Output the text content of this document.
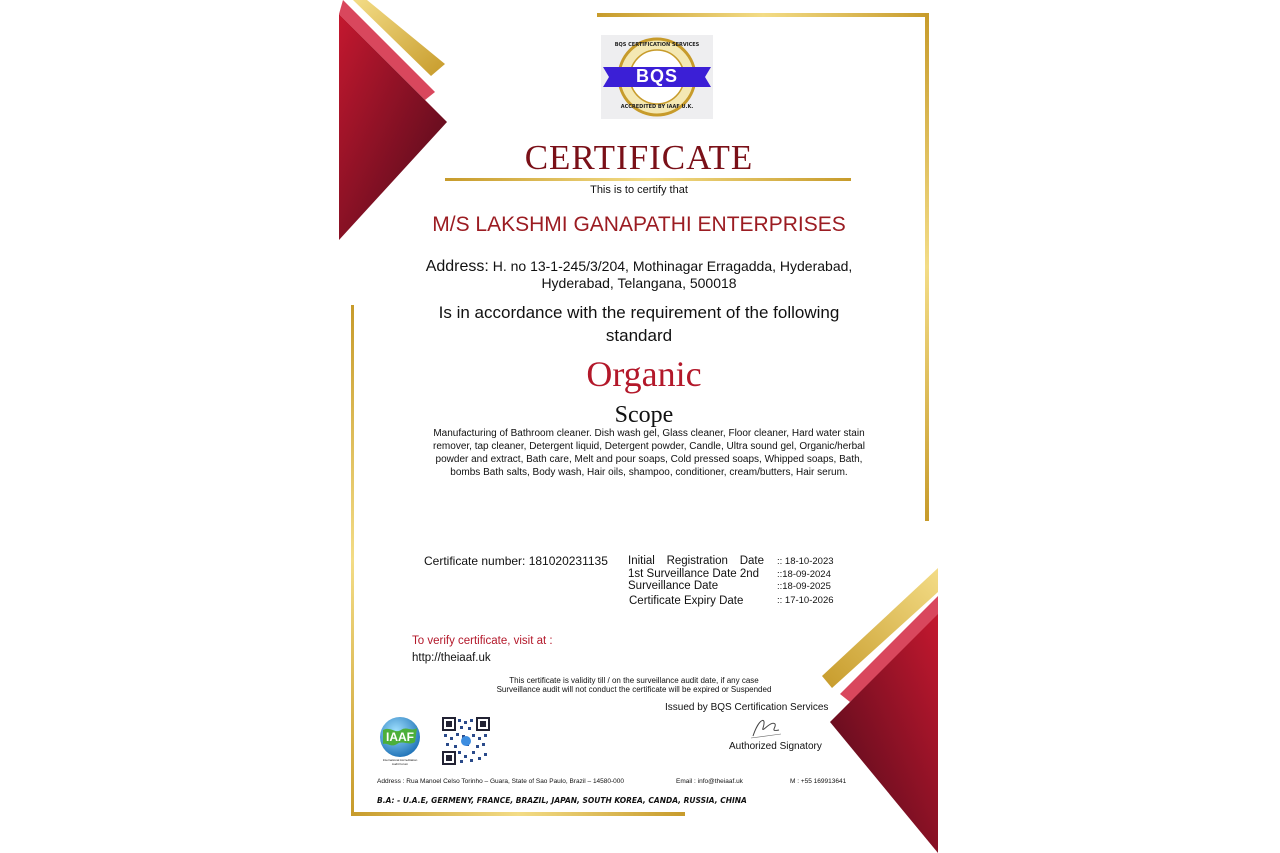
BQS CERTIFICATION SERVICES
BQS
ACCREDITED BY IAAF U.K.
CERTIFICATE
This is to certify that
M/S LAKSHMI GANAPATHI ENTERPRISES
Address: H. no 13-1-245/3/204, Mothinagar Erragadda, Hyderabad,
Hyderabad, Telangana, 500018
Is in accordance with the requirement of the following
standard
Organic
Scope
Manufacturing of Bathroom cleaner. Dish wash gel, Glass cleaner, Floor cleaner, Hard water stain
remover, tap cleaner, Detergent liquid, Detergent powder, Candle, Ultra sound gel, Organic/herbal
powder and extract, Bath care, Melt and pour soaps, Cold pressed soaps, Whipped soaps, Bath,
bombs Bath salts, Body wash, Hair oils, shampoo, conditioner, cream/butters, Hair serum.
Certificate number: 181020231135 Initial Registration Date :: 18-10-2023
1st Surveillance Date 2nd ::18-09-2024
Surveillance Date	::18-09-2025
Certificate Expiry Date	:: 17-10-2026
To verify certificate, visit at :
http://theiaaf.uk
This certificate is validity till / on the surveillance audit date, if any case
Surveillance audit will not conduct the certificate will be expired or Suspended
Issued by BQS Certification Services
Authorized Signatory
IAAF
International Accreditation
Audit Forum
Address : Rua Manoel Celso Torinho – Guara, State of Sao Paulo, Brazil – 14580-000	Email : info@theiaaf.uk	M : +55 169913641
B.A: - U.A.E, GERMENY, FRANCE, BRAZIL, JAPAN, SOUTH KOREA, CANDA, RUSSIA, CHINA
